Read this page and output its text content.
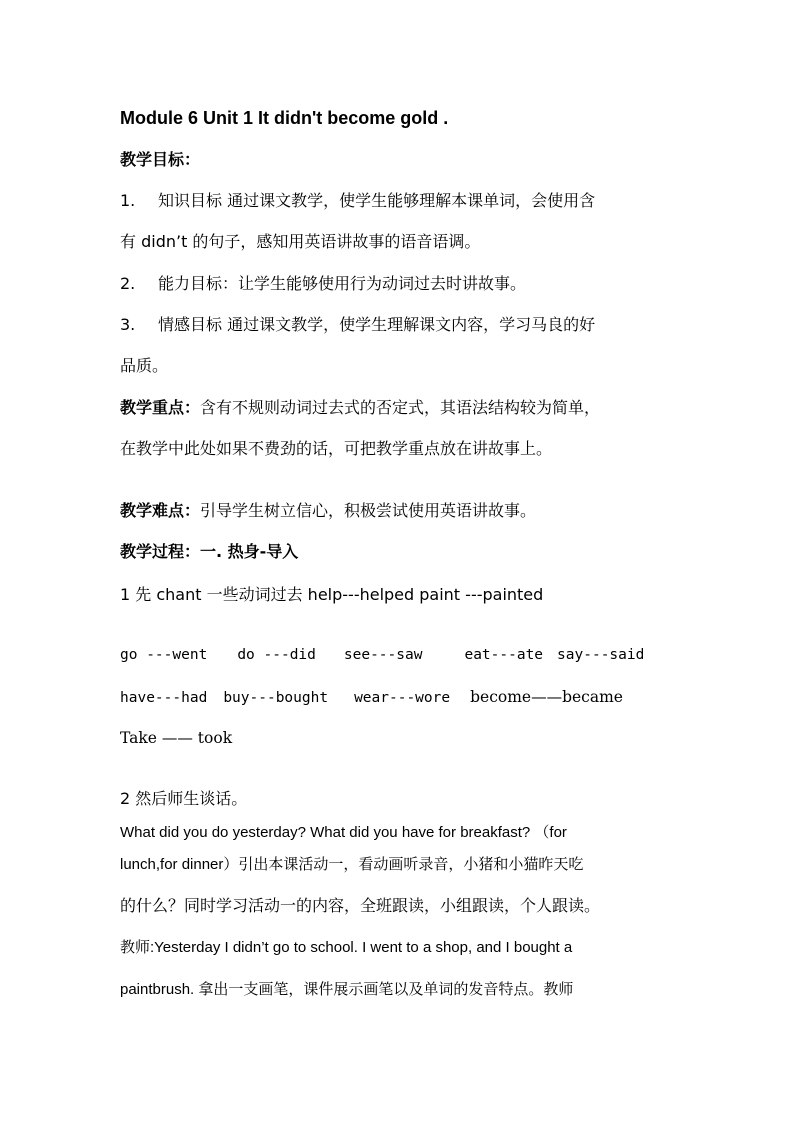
Module 6 Unit 1 It didn't become gold .
教学目标：
1. 知识目标 通过课文教学，使学生能够理解本课单词，会使用含
有 didn’t 的句子，感知用英语讲故事的语音语调。
2. 能力目标：让学生能够使用行为动词过去时讲故事。
3. 情感目标 通过课文教学，使学生理解课文内容，学习马良的好
品质。
教学重点：含有不规则动词过去式的否定式，其语法结构较为简单，
在教学中此处如果不费劲的话，可把教学重点放在讲故事上。
教学难点：引导学生树立信心，积极尝试使用英语讲故事。
教学过程：一. 热身-导入
1 先 chant 一些动词过去 help---helped paint ---painted
go ---went do ---did see---saw	eat---ate say---said
have---had buy---bought wear---wore become——became
Take —— took
2 然后师生谈话。
What did you do yesterday? What did you have for breakfast? （for
lunch,for dinner）引出本课活动一，看动画听录音，小猪和小猫昨天吃
的什么？同时学习活动一的内容，全班跟读，小组跟读，个人跟读。
教师:Yesterday I didn’t go to school. I went to a shop, and I bought a
paintbrush. 拿出一支画笔，课件展示画笔以及单词的发音特点。教师
